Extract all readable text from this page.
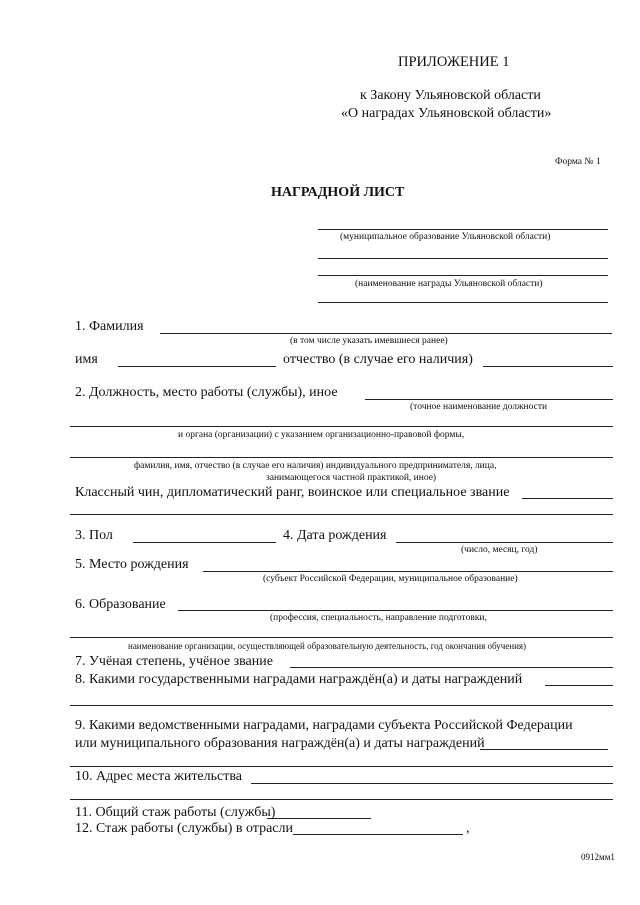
ПРИЛОЖЕНИЕ 1
к Закону Ульяновской области
«О наградах Ульяновской области»
Форма № 1
НАГРАДНОЙ ЛИСТ
(муниципальное образование Ульяновской области)
(наименование награды Ульяновской области)
1. Фамилия
(в том числе указать имевшиеся ранее)
имя	отчество (в случае его наличия)
2. Должность, место работы (службы), иное
(точное наименование должности
и органа (организации) с указанием организационно-правовой формы,
фамилия, имя, отчество (в случае его наличия) индивидуального предпринимателя, лица,
занимающегося частной практикой, иное)
Классный чин, дипломатический ранг, воинское или специальное звание
3. Пол	4. Дата рождения
(число, месяц, год)
5. Место рождения
(субъект Российской Федерации, муниципальное образование)
6. Образование
(профессия, специальность, направление подготовки,
наименование организации, осуществляющей образовательную деятельность, год окончания обучения)
7. Учёная степень, учёное звание
8. Какими государственными наградами награждён(а) и даты награждений
9. Какими ведомственными наградами, наградами субъекта Российской Федерации
или муниципального образования награждён(а) и даты награждений
10. Адрес места жительства
11. Общий стаж работы (службы)
12. Стаж работы (службы) в отрасли	,
0912мм1
